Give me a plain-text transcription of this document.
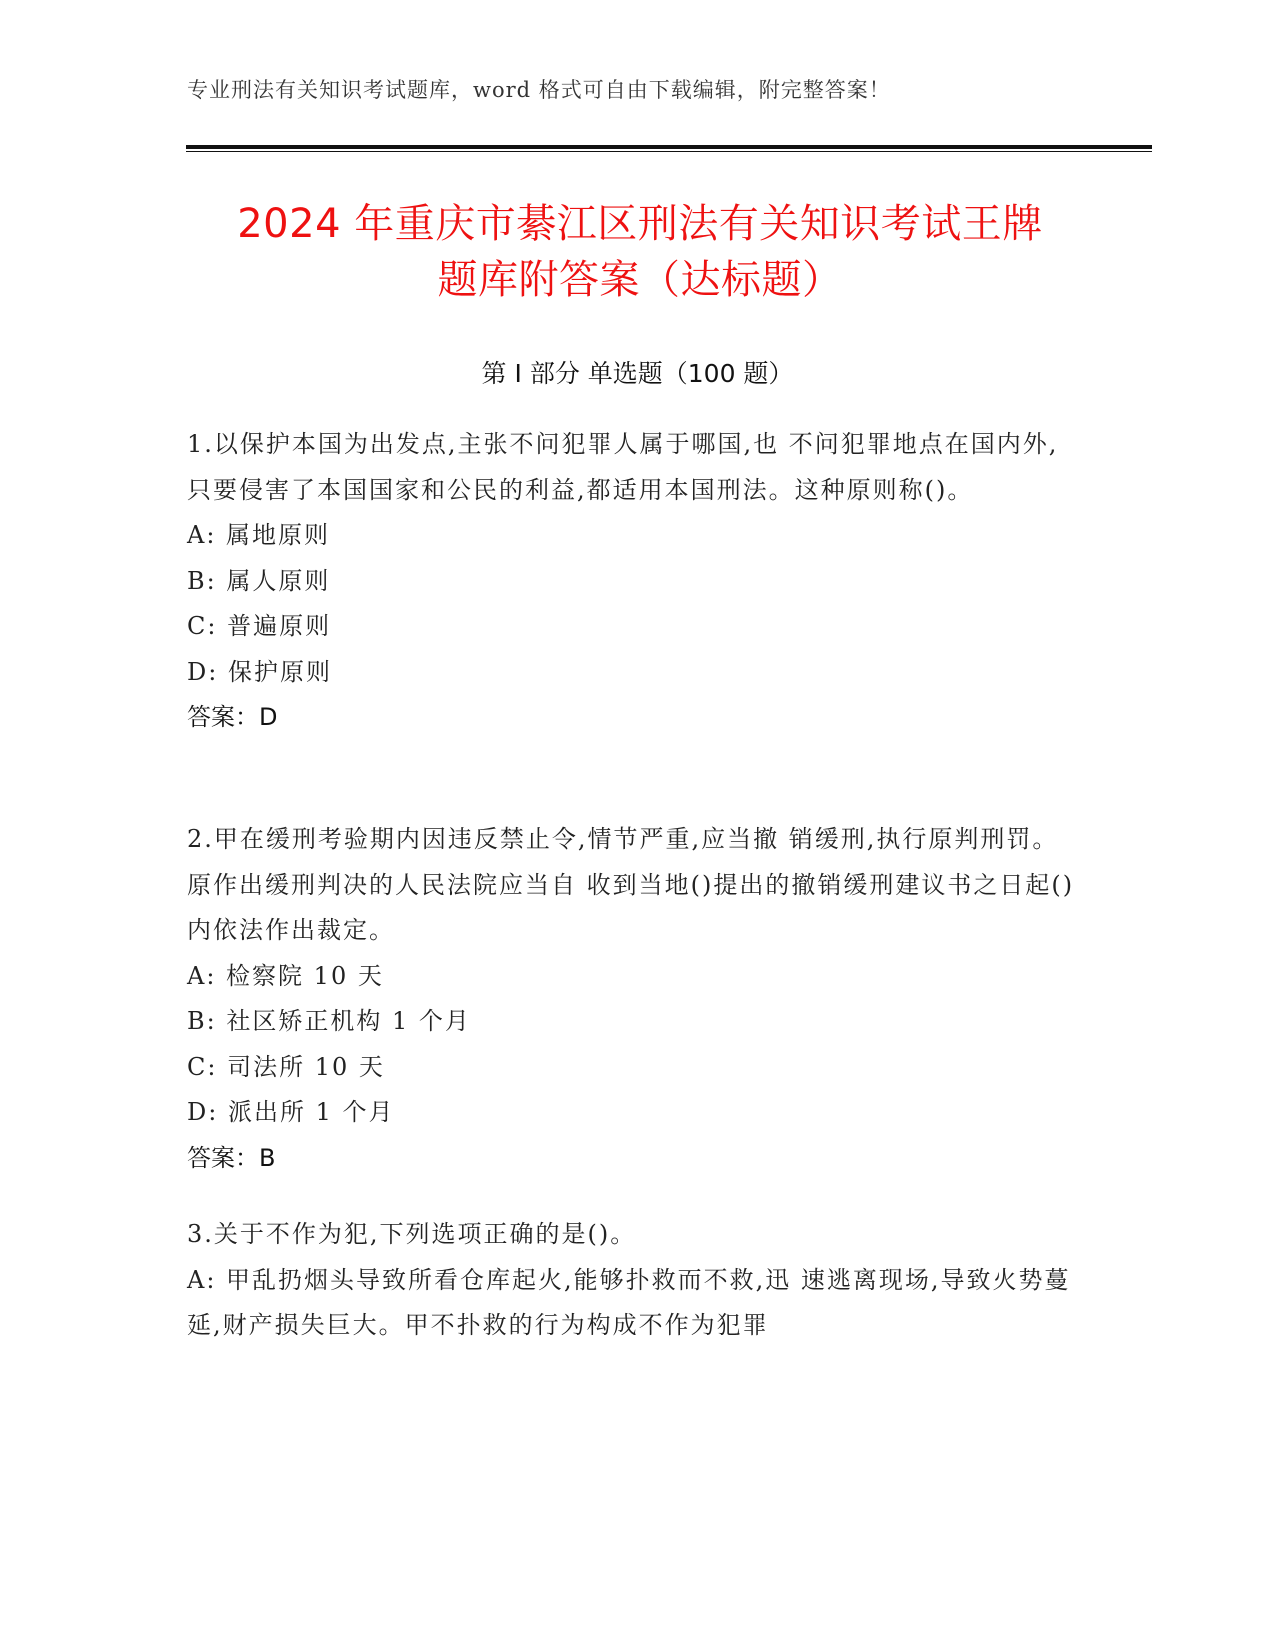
专业刑法有关知识考试题库，word 格式可自由下载编辑，附完整答案！
2024 年重庆市綦江区刑法有关知识考试王牌
题库附答案（达标题）
第 I 部分 单选题（100 题）
1.以保护本国为出发点,主张不问犯罪人属于哪国,也 不问犯罪地点在国内外,只要侵害了本国国家和公民的利益,都适用本国刑法。这种原则称()。
A: 属地原则
B: 属人原则
C: 普遍原则
D: 保护原则
答案：D
2.甲在缓刑考验期内因违反禁止令,情节严重,应当撤 销缓刑,执行原判刑罚。原作出缓刑判决的人民法院应当自 收到当地()提出的撤销缓刑建议书之日起()内依法作出裁定。
A: 检察院 10 天
B: 社区矫正机构 1 个月
C: 司法所 10 天
D: 派出所 1 个月
答案：B
3.关于不作为犯,下列选项正确的是()。
A: 甲乱扔烟头导致所看仓库起火,能够扑救而不救,迅 速逃离现场,导致火势蔓延,财产损失巨大。甲不扑救的行为构成不作为犯罪
